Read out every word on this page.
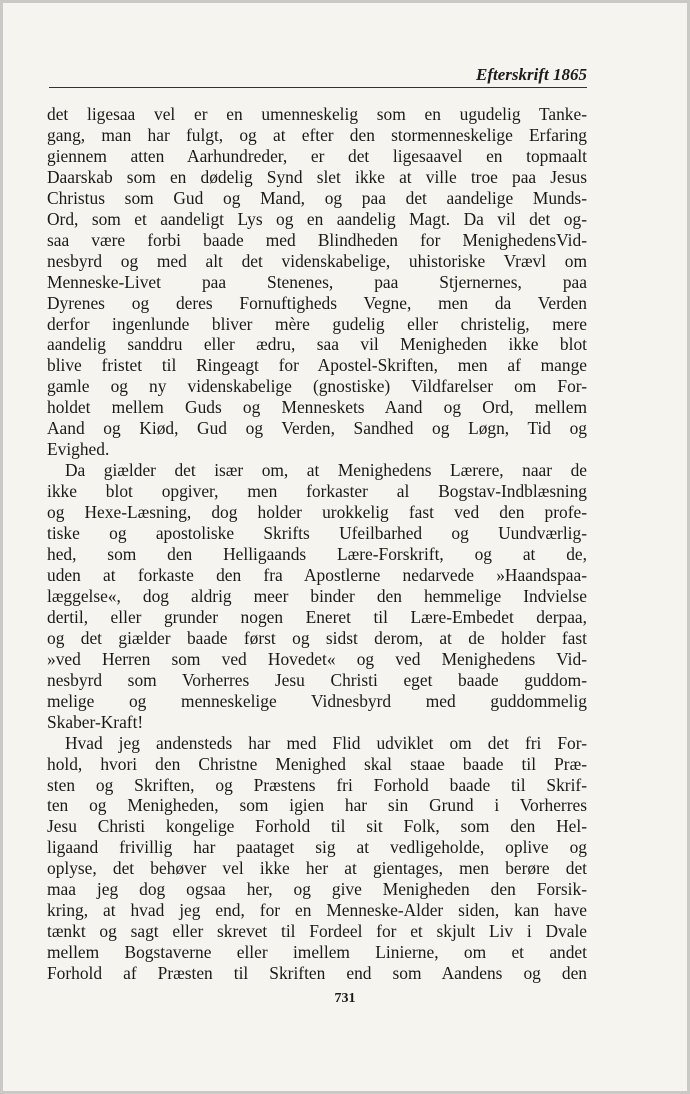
Efterskrift 1865
det ligesaa vel er en umenneskelig som en ugudelig Tanke-
gang, man har fulgt, og at efter den stormenneskelige Erfaring
giennem atten Aarhundreder, er det ligesaavel en topmaalt
Daarskab som en dødelig Synd slet ikke at ville troe paa Jesus
Christus som Gud og Mand, og paa det aandelige Munds-
Ord, som et aandeligt Lys og en aandelig Magt. Da vil det og-
saa være forbi baade med Blindheden for MenighedensVid-
nesbyrd og med alt det videnskabelige, uhistoriske Vrævl om
Menneske-Livet paa Stenenes, paa Stjernernes, paa
Dyrenes og deres Fornuftigheds Vegne, men da Verden
derfor ingenlunde bliver mère gudelig eller christelig, mere
aandelig sanddru eller ædru, saa vil Menigheden ikke blot
blive fristet til Ringeagt for Apostel-Skriften, men af mange
gamle og ny videnskabelige (gnostiske) Vildfarelser om For-
holdet mellem Guds og Menneskets Aand og Ord, mellem
Aand og Kiød, Gud og Verden, Sandhed og Løgn, Tid og
Evighed.
Da giælder det især om, at Menighedens Lærere, naar de
ikke blot opgiver, men forkaster al Bogstav-Indblæsning
og Hexe-Læsning, dog holder urokkelig fast ved den profe-
tiske og apostoliske Skrifts Ufeilbarhed og Uundværlig-
hed, som den Helligaands Lære-Forskrift, og at de,
uden at forkaste den fra Apostlerne nedarvede »Haandspaa-
læggelse«, dog aldrig meer binder den hemmelige Indvielse
dertil, eller grunder nogen Eneret til Lære-Embedet derpaa,
og det giælder baade først og sidst derom, at de holder fast
»ved Herren som ved Hovedet« og ved Menighedens Vid-
nesbyrd som Vorherres Jesu Christi eget baade guddom-
melige og menneskelige Vidnesbyrd med guddommelig
Skaber-Kraft!
Hvad jeg andensteds har med Flid udviklet om det fri For-
hold, hvori den Christne Menighed skal staae baade til Præ-
sten og Skriften, og Præstens fri Forhold baade til Skrif-
ten og Menigheden, som igien har sin Grund i Vorherres
Jesu Christi kongelige Forhold til sit Folk, som den Hel-
ligaand frivillig har paataget sig at vedligeholde, oplive og
oplyse, det behøver vel ikke her at gientages, men berøre det
maa jeg dog ogsaa her, og give Menigheden den Forsik-
kring, at hvad jeg end, for en Menneske-Alder siden, kan have
tænkt og sagt eller skrevet til Fordeel for et skjult Liv i Dvale
mellem Bogstaverne eller imellem Linierne, om et andet
Forhold af Præsten til Skriften end som Aandens og den
731
